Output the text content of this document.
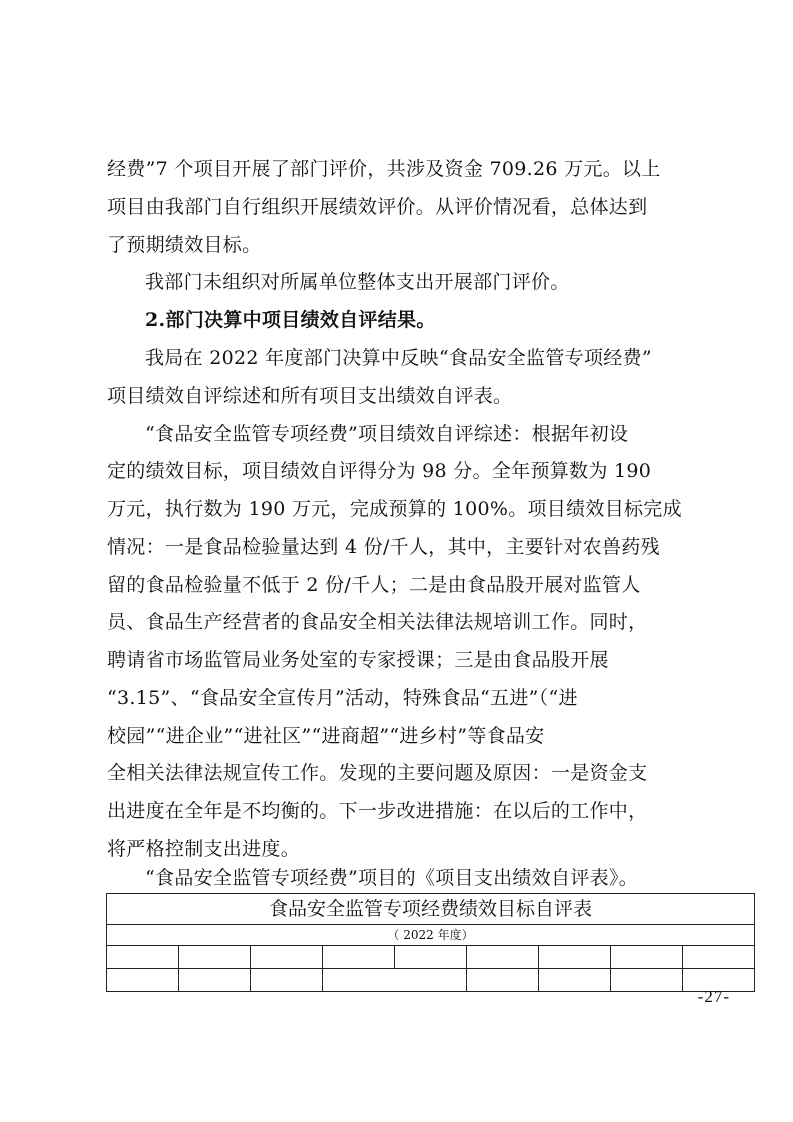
经费”7 个项目开展了部门评价，共涉及资金 709.26 万元。以上
项目由我部门自行组织开展绩效评价。从评价情况看，总体达到
了预期绩效目标。
我部门未组织对所属单位整体支出开展部门评价。
2.部门决算中项目绩效自评结果。
我局在 2022 年度部门决算中反映“食品安全监管专项经费”
项目绩效自评综述和所有项目支出绩效自评表。
“食品安全监管专项经费”项目绩效自评综述：根据年初设
定的绩效目标，项目绩效自评得分为 98 分。全年预算数为 190
万元，执行数为 190 万元，完成预算的 100%。项目绩效目标完成
情况：一是食品检验量达到 4 份/千人，其中，主要针对农兽药残
留的食品检验量不低于 2 份/千人；二是由食品股开展对监管人
员、食品生产经营者的食品安全相关法律法规培训工作。同时，
聘请省市场监管局业务处室的专家授课；三是由食品股开展
“3.15”、“食品安全宣传月”活动，特殊食品“五进”（“进
校园”“进企业”“进社区”“进商超”“进乡村”等食品安
全相关法律法规宣传工作。发现的主要问题及原因：一是资金支
出进度在全年是不均衡的。下一步改进措施：在以后的工作中，
将严格控制支出进度。
“食品安全监管专项经费”项目的《项目支出绩效自评表》。
食品安全监管专项经费绩效目标自评表								
（ 2022 年度）								

-27-
